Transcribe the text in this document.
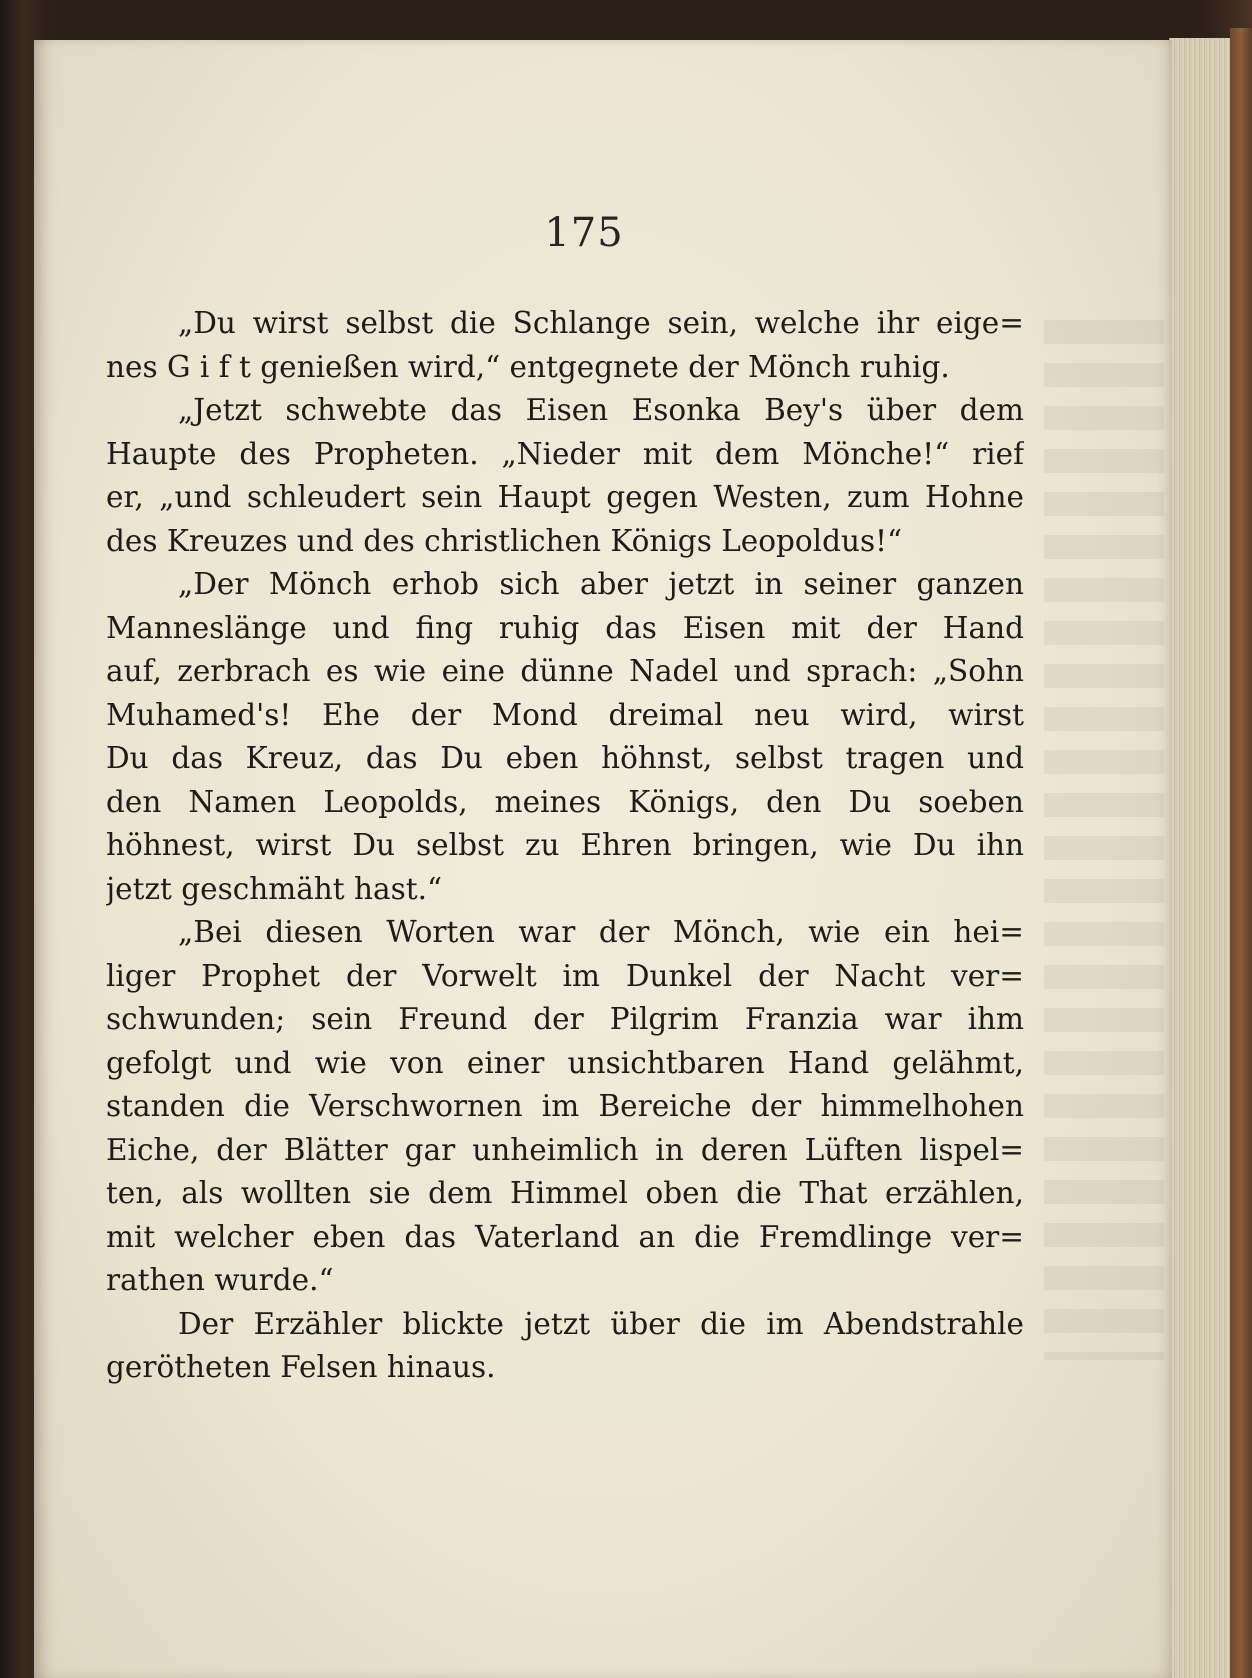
175
„Du wirst selbst die Schlange sein, welche ihr eige=
nes G i f t genießen wird,“ entgegnete der Mönch ruhig.
„Jetzt schwebte das Eisen Esonka Bey's über dem
Haupte des Propheten. „Nieder mit dem Mönche!“ rief
er, „und schleudert sein Haupt gegen Westen, zum Hohne
des Kreuzes und des christlichen Königs Leopoldus!“
„Der Mönch erhob sich aber jetzt in seiner ganzen
Manneslänge und fing ruhig das Eisen mit der Hand
auf, zerbrach es wie eine dünne Nadel und sprach: „Sohn
Muhamed's! Ehe der Mond dreimal neu wird, wirst
Du das Kreuz, das Du eben höhnst, selbst tragen und
den Namen Leopolds, meines Königs, den Du soeben
höhnest, wirst Du selbst zu Ehren bringen, wie Du ihn
jetzt geschmäht hast.“
„Bei diesen Worten war der Mönch, wie ein hei=
liger Prophet der Vorwelt im Dunkel der Nacht ver=
schwunden; sein Freund der Pilgrim Franzia war ihm
gefolgt und wie von einer unsichtbaren Hand gelähmt,
standen die Verschwornen im Bereiche der himmelhohen
Eiche, der Blätter gar unheimlich in deren Lüften lispel=
ten, als wollten sie dem Himmel oben die That erzählen,
mit welcher eben das Vaterland an die Fremdlinge ver=
rathen wurde.“
Der Erzähler blickte jetzt über die im Abendstrahle
gerötheten Felsen hinaus.
